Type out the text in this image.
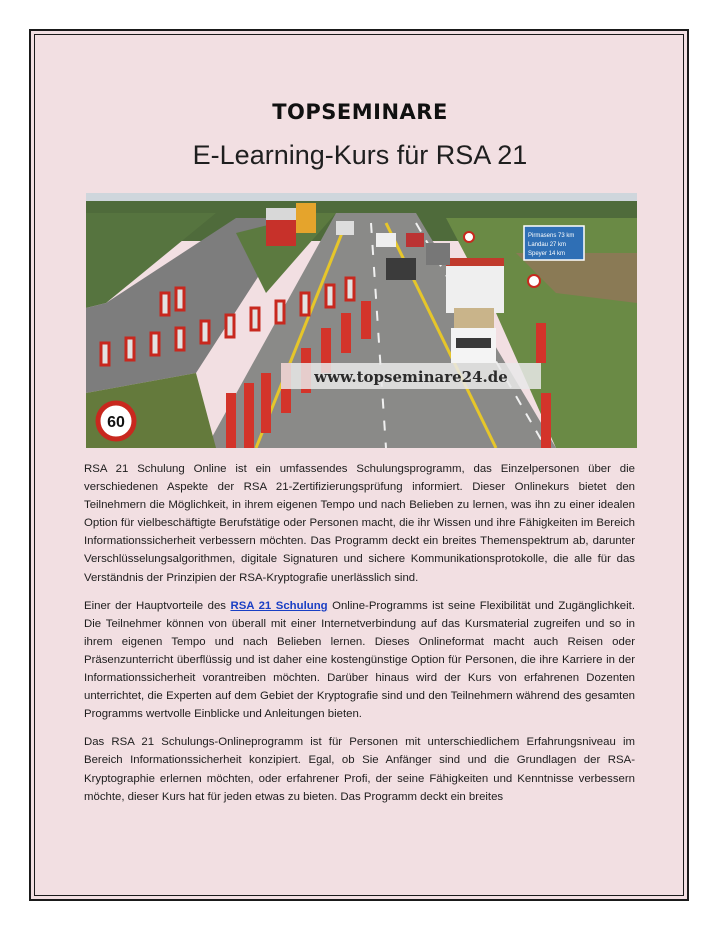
TOPSEMINARE
E-Learning-Kurs für RSA 21
Pirmasens 73 km
Landau 27 km
Speyer 14 km
60
www.topseminare24.de

RSA 21 Schulung Online ist ein umfassendes Schulungsprogramm, das Einzelpersonen über die verschiedenen Aspekte der RSA 21-Zertifizierungsprüfung informiert. Dieser Onlinekurs bietet den Teilnehmern die Möglichkeit, in ihrem eigenen Tempo und nach Belieben zu lernen, was ihn zu einer idealen Option für vielbeschäftigte Berufstätige oder Personen macht, die ihr Wissen und ihre Fähigkeiten im Bereich Informationssicherheit verbessern möchten. Das Programm deckt ein breites Themenspektrum ab, darunter Verschlüsselungsalgorithmen, digitale Signaturen und sichere Kommunikationsprotokolle, die alle für das Verständnis der Prinzipien der RSA-Kryptografie unerlässlich sind.

Einer der Hauptvorteile des RSA 21 Schulung Online-Programms ist seine Flexibilität und Zugänglichkeit. Die Teilnehmer können von überall mit einer Internetverbindung auf das Kursmaterial zugreifen und so in ihrem eigenen Tempo und nach Belieben lernen. Dieses Onlineformat macht auch Reisen oder Präsenzunterricht überflüssig und ist daher eine kostengünstige Option für Personen, die ihre Karriere in der Informationssicherheit vorantreiben möchten. Darüber hinaus wird der Kurs von erfahrenen Dozenten unterrichtet, die Experten auf dem Gebiet der Kryptografie sind und den Teilnehmern während des gesamten Programms wertvolle Einblicke und Anleitungen bieten.

Das RSA 21 Schulungs-Onlineprogramm ist für Personen mit unterschiedlichem Erfahrungsniveau im Bereich Informationssicherheit konzipiert. Egal, ob Sie Anfänger sind und die Grundlagen der RSA-Kryptographie erlernen möchten, oder erfahrener Profi, der seine Fähigkeiten und Kenntnisse verbessern möchte, dieser Kurs hat für jeden etwas zu bieten. Das Programm deckt ein breites
